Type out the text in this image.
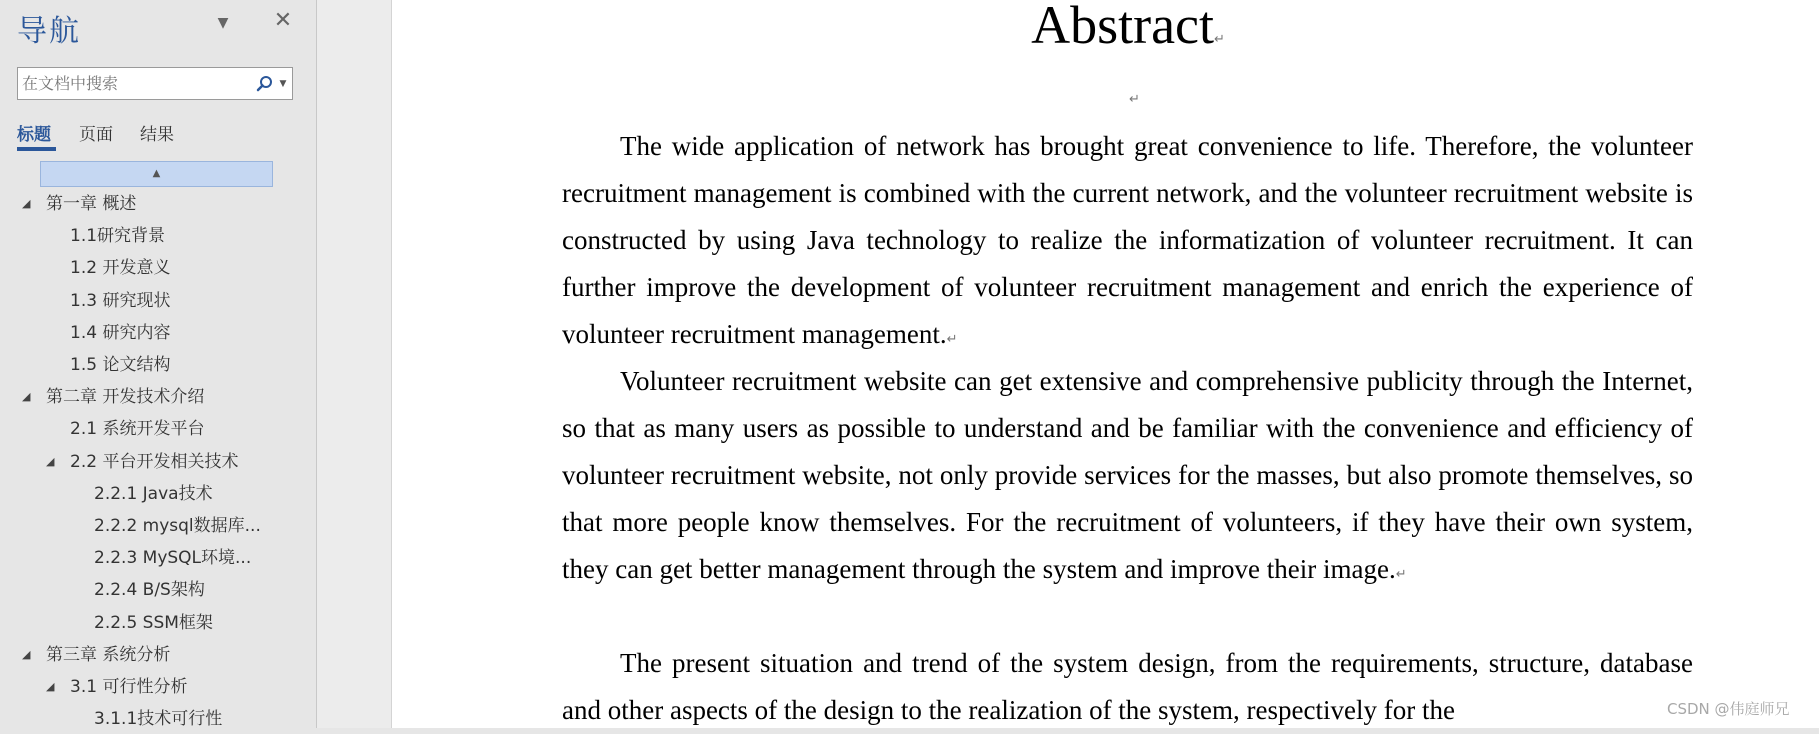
导航	▼ ✕
在文档中搜索
▼
标题 页面 结果
▲
◢ 第一章 概述
1.1研究背景
1.2 开发意义
1.3 研究现状
1.4 研究内容
1.5 论文结构
◢ 第二章 开发技术介绍
2.1 系统开发平台
◢ 2.2 平台开发相关技术
2.2.1 Java技术
2.2.2 mysql数据库...
2.2.3 MySQL环境...
2.2.4 B/S架构
2.2.5 SSM框架
◢ 第三章 系统分析
◢ 3.1 可行性分析
3.1.1技术可行性
Abstract↵
↵
The wide application of network has brought great convenience to life. Therefore, the volunteer recruitment management is combined with the current network, and the volunteer recruitment website is constructed by using Java technology to realize the informatization of volunteer recruitment. It can further improve the development of volunteer recruitment management and enrich the experience of volunteer recruitment management.↵
Volunteer recruitment website can get extensive and comprehensive publicity through the Internet, so that as many users as possible to understand and be familiar with the convenience and efficiency of volunteer recruitment website, not only provide services for the masses, but also promote themselves, so that more people know themselves. For the recruitment of volunteers, if they have their own system, they can get better management through the system and improve their image.↵
The present situation and trend of the system design, from the requirements, structure, database and other aspects of the design to the realization of the system, respectively for the	CSDN @伟庭师兄
